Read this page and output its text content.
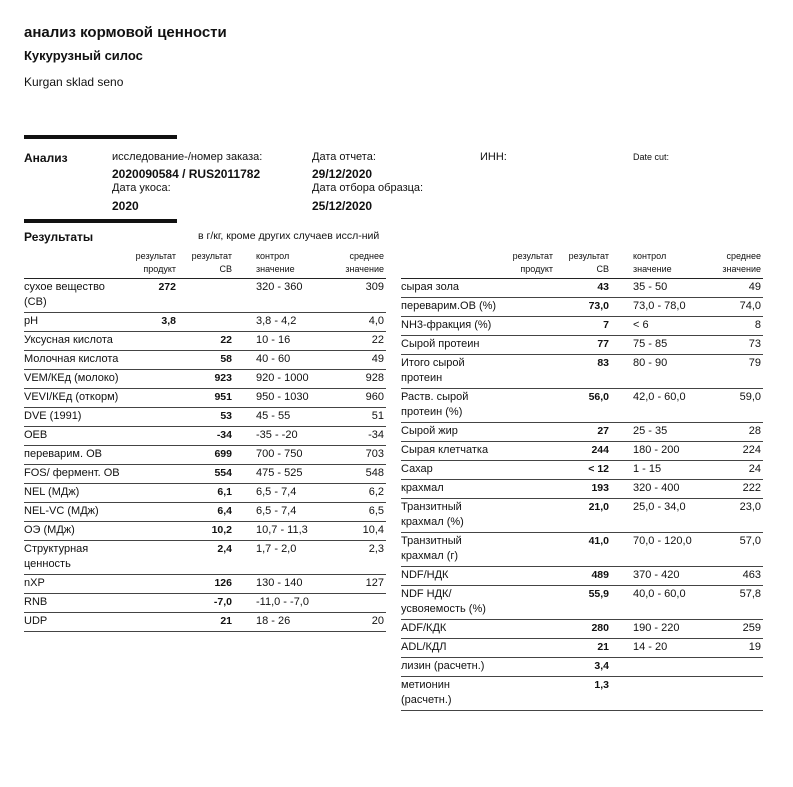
анализ кормовой ценности
Кукурузный силос
Kurgan sklad seno
Анализ	исследование-/номер заказа:
2020090584 / RUS2011782
Дата укоса:
2020
Дата отчета:
29/12/2020
Дата отбора образца:
25/12/2020
ИНН:	Date cut:
Результаты	в г/кг, кроме других случаев иссл-ний
	результат продукт	результат СВ	контрол значение	среднее значение
сухое вещество (СВ)	272		320 - 360	309
pH	3,8		3,8 - 4,2	4,0
Уксусная кислота		22	10 - 16	22
Молочная кислота		58	40 - 60	49
VEM/КЕд (молоко)		923	920 - 1000	928
VEVI/КЕд (откорм)		951	950 - 1030	960
DVE (1991)		53	45 - 55	51
OEB		-34	-35 - -20	-34
переварим. ОВ		699	700 - 750	703
FOS/ фермент. ОВ		554	475 - 525	548
NEL (МДж)		6,1	6,5 - 7,4	6,2
NEL-VC (МДж)		6,4	6,5 - 7,4	6,5
ОЭ (МДж)		10,2	10,7 - 11,3	10,4
Структурная ценность		2,4	1,7 - 2,0	2,3
nXP		126	130 - 140	127
RNB		-7,0	-11,0 - -7,0	
UDP		21	18 - 26	20
	результат продукт	результат СВ	контрол значение	среднее значение
сырая зола		43	35 - 50	49
переварим.ОВ (%)		73,0	73,0 - 78,0	74,0
NH3-фракция (%)		7	< 6	8
Сырой протеин		77	75 - 85	73
Итого сырой протеин		83	80 - 90	79
Раств. сырой протеин (%)		56,0	42,0 - 60,0	59,0
Сырой жир		27	25 - 35	28
Сырая клетчатка		244	180 - 200	224
Сахар		< 12	1 - 15	24
крахмал		193	320 - 400	222
Транзитный крахмал (%)		21,0	25,0 - 34,0	23,0
Транзитный крахмал (г)		41,0	70,0 - 120,0	57,0
NDF/НДК		489	370 - 420	463
NDF НДК/усвояемость (%)		55,9	40,0 - 60,0	57,8
ADF/КДК		280	190 - 220	259
ADL/КДЛ		21	14 - 20	19
лизин (расчетн.)		3,4		
метионин (расчетн.)		1,3		
